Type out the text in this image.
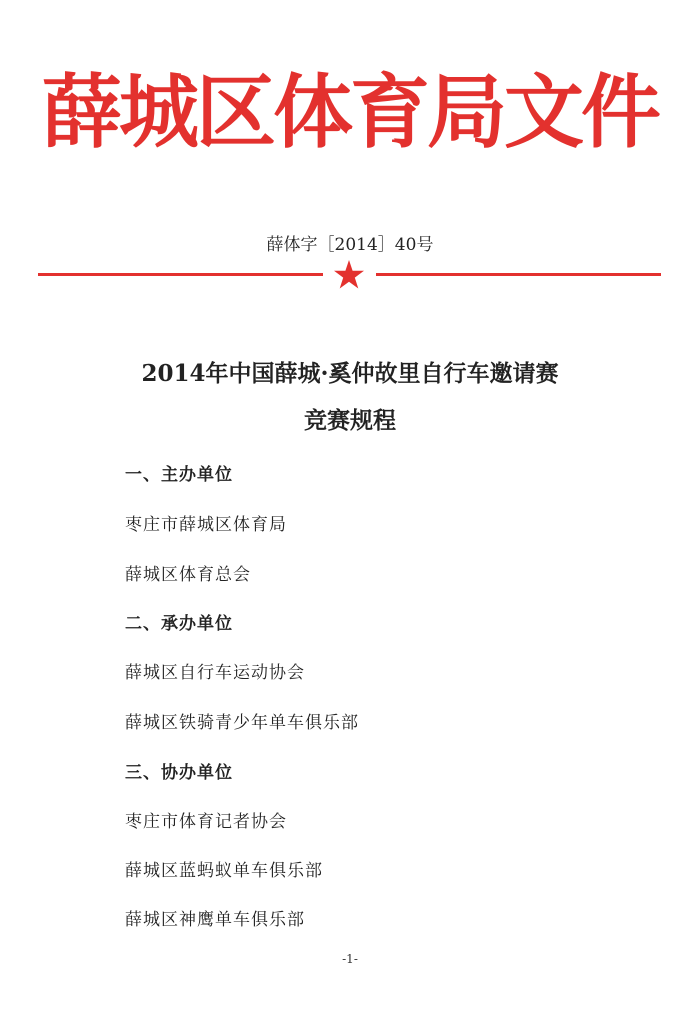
薛城区体育局文件
薛体字［2014］40号
2014年中国薛城·奚仲故里自行车邀请赛
竞赛规程
一、主办单位
枣庄市薛城区体育局
薛城区体育总会
二、承办单位
薛城区自行车运动协会
薛城区铁骑青少年单车俱乐部
三、协办单位
枣庄市体育记者协会
薛城区蓝蚂蚁单车俱乐部
薛城区神鹰单车俱乐部
-1-
